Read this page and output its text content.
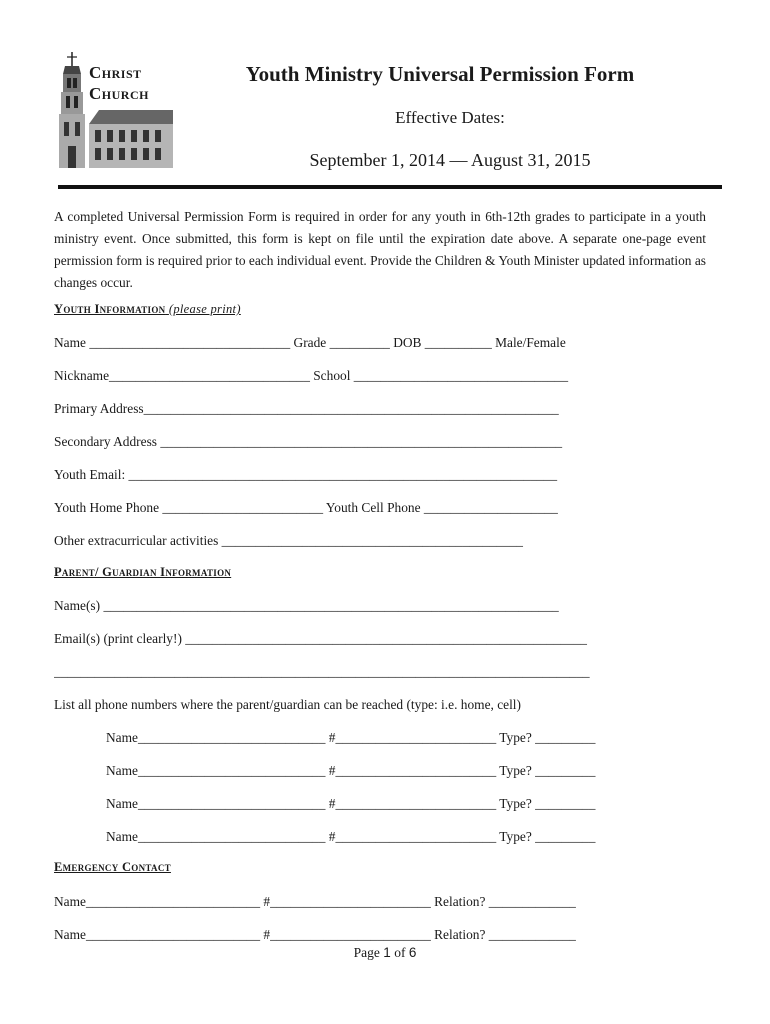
Christ
Church
Youth Ministry Universal Permission Form
Effective Dates:
September 1, 2014 — August 31, 2015
A completed Universal Permission Form is required in order for any youth in 6th-12th grades to participate in a youth ministry event. Once submitted, this form is kept on file until the expiration date above. A separate one-page event permission form is required prior to each individual event. Provide the Children & Youth Minister updated information as changes occur.
Youth Information (please print)
Name ______________________________ Grade _________ DOB __________ Male/Female
Nickname______________________________ School ________________________________
Primary Address______________________________________________________________
Secondary Address ____________________________________________________________
Youth Email: ________________________________________________________________
Youth Home Phone ________________________ Youth Cell Phone ____________________
Other extracurricular activities _____________________________________________
Parent/ Guardian Information
Name(s) ____________________________________________________________________
Email(s) (print clearly!) ____________________________________________________________
________________________________________________________________________________
List all phone numbers where the parent/guardian can be reached (type: i.e. home, cell)
Name____________________________ #________________________ Type? _________
Name____________________________ #________________________ Type? _________
Name____________________________ #________________________ Type? _________
Name____________________________ #________________________ Type? _________
Emergency Contact
Name__________________________ #________________________ Relation? _____________
Name__________________________ #________________________ Relation? _____________
Page 1 of 6
